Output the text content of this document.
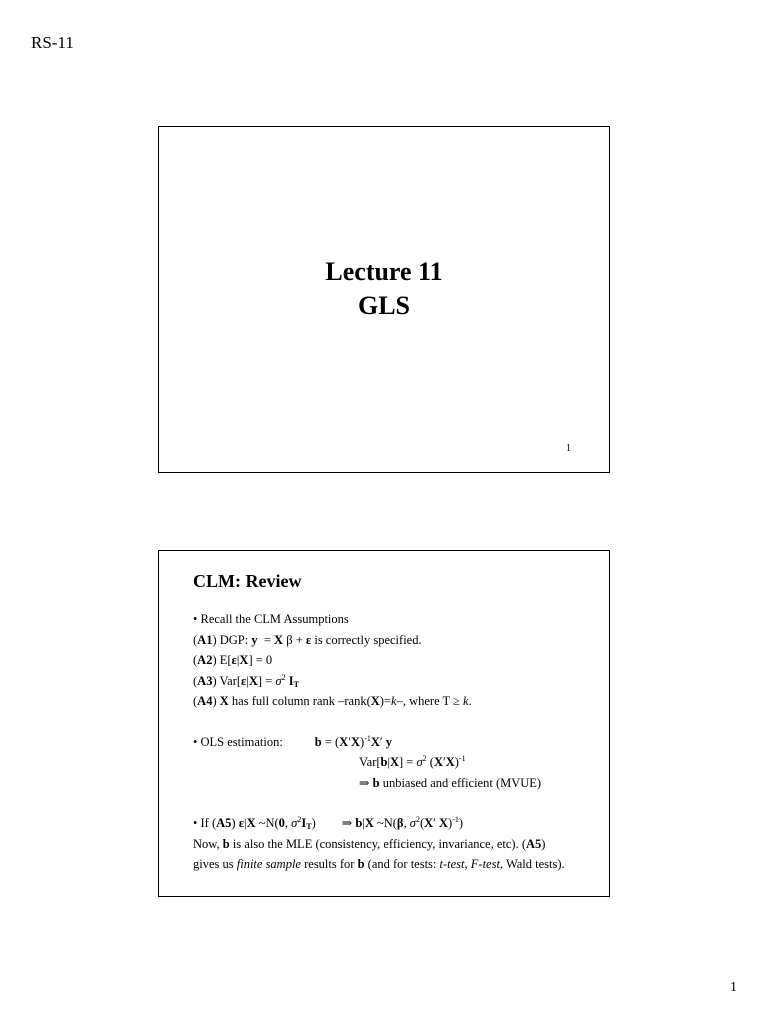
RS-11
Lecture 11
GLS
1
CLM: Review
• Recall the CLM Assumptions
(A1) DGP: y  = X β + ε is correctly specified.
(A2) E[ε|X] = 0
(A3) $Var[\varepsilon|X] = \sigma^2$ $I_T$
(A4) X has full column rank –rank(X)=k–, where T ≥ k.
• OLS estimation:	$b = (X'X)^{-1}X'$ y
$Var[b|X] = \sigma^2$ $(X'X)^{-1}$
⇒ b unbiased and efficient (MVUE)
• If (A5) ε|X ~N(0, $\sigma^2I_T$) ⇒ b|X ~N(β, $\sigma^2(X'$ X)$^{-1}$)
Now, b is also the MLE (consistency, efficiency, invariance, etc). (A5)
gives us finite sample results for b (and for tests: t-test, F-test, Wald tests).
1
